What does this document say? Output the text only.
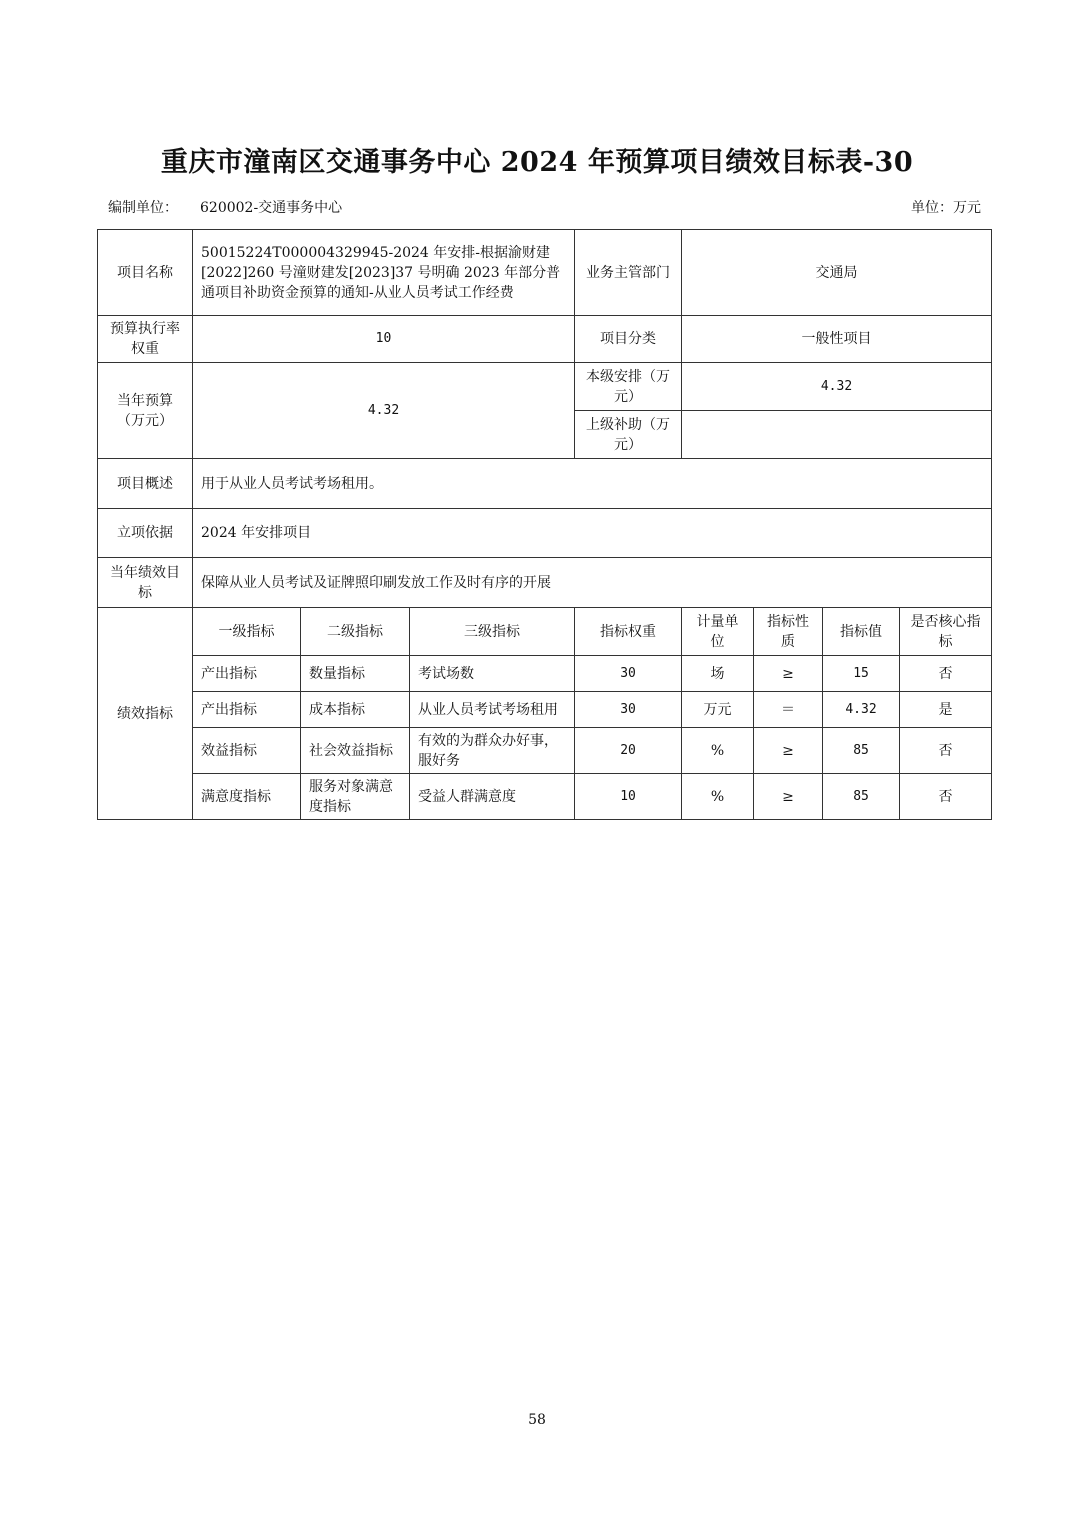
重庆市潼南区交通事务中心 2024 年预算项目绩效目标表-30
编制单位： 620002-交通事务中心	单位：万元
项目名称	50015224T000004329945-2024 年安排-根据渝财建[2022]260 号潼财建发[2023]37 号明确 2023 年部分普通项目补助资金预算的通知-从业人员考试工作经费			业务主管部门	交通局			
预算执行率权重	10			项目分类	一般性项目			
当年预算（万元）	4.32			本级安排（万元）	4.32			
				上级补助（万元）				
项目概述	用于从业人员考试考场租用。							
立项依据	2024 年安排项目							
当年绩效目标	保障从业人员考试及证牌照印刷发放工作及时有序的开展							
绩效指标	一级指标	二级指标	三级指标	指标权重	计量单位	指标性质	指标值	是否核心指标
	产出指标	数量指标	考试场数	30	场	≥	15	否
	产出指标	成本指标	从业人员考试考场租用	30	万元	＝	4.32	是
	效益指标	社会效益指标	有效的为群众办好事，服好务	20	%	≥	85	否
	满意度指标	服务对象满意度指标	受益人群满意度	10	%	≥	85	否
58
